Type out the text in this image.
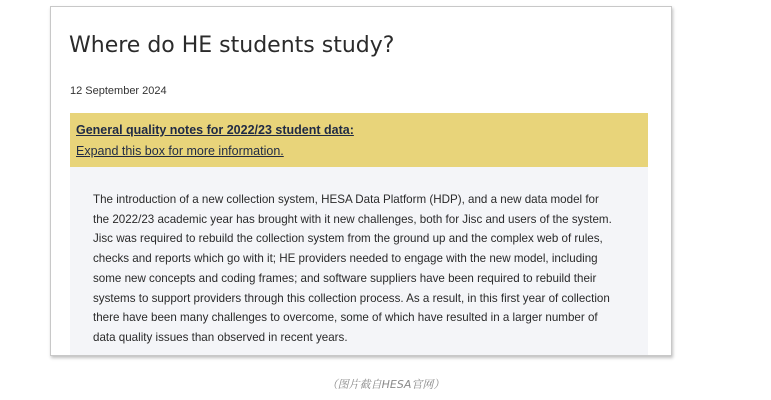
Where do HE students study?
12 September 2024
General quality notes for 2022/23 student data:
Expand this box for more information.

The introduction of a new collection system, HESA Data Platform (HDP), and a new data model for
the 2022/23 academic year has brought with it new challenges, both for Jisc and users of the system.
Jisc was required to rebuild the collection system from the ground up and the complex web of rules,
checks and reports which go with it; HE providers needed to engage with the new model, including
some new concepts and coding frames; and software suppliers have been required to rebuild their
systems to support providers through this collection process. As a result, in this first year of collection
there have been many challenges to overcome, some of which have resulted in a larger number of
data quality issues than observed in recent years.

（图片截自HESA官网）
